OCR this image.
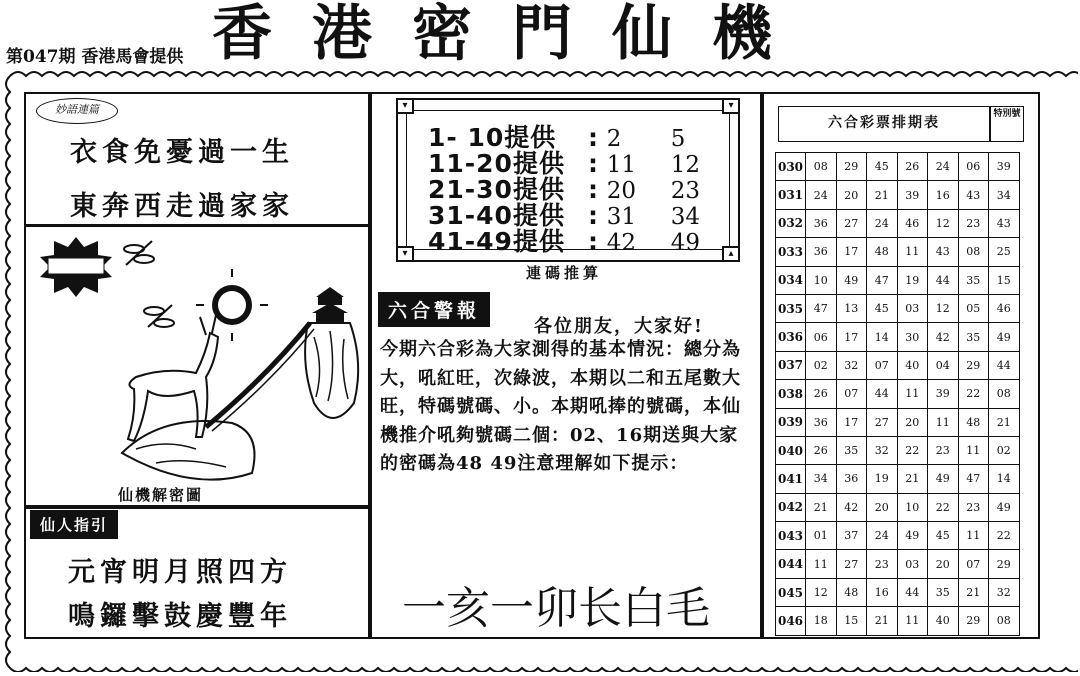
第047期 香港馬會提供 香港密門仙機
妙語連篇
衣食免憂過一生
東奔西走過家家
仙機解密圖
仙人指引
元宵明月照四方
鳴鑼擊鼓慶豐年
▾	▾
▾	▴
1- 10提供 : 2 5
11-20提供 : 11 12
21-30提供 : 20 23
31-40提供 : 31 34
41-49提供 : 42 49
連碼推算
六合警報
各位朋友，大家好!
今期六合彩為大家測得的基本情況：總分為大，吼紅旺，次綠波，本期以二和五尾數大旺，特碼號碼、小。本期吼捧的號碼，本仙機推介吼夠號碼二個：02、16期送與大家的密碼為48 49注意理解如下提示：
一亥一卯长白毛
六合彩票排期表
特別號
030	08	29	45	26	24	06	39
031	24	20	21	39	16	43	34
032	36	27	24	46	12	23	43
033	36	17	48	11	43	08	25
034	10	49	47	19	44	35	15
035	47	13	45	03	12	05	46
036	06	17	14	30	42	35	49
037	02	32	07	40	04	29	44
038	26	07	44	11	39	22	08
039	36	17	27	20	11	48	21
040	26	35	32	22	23	11	02
041	34	36	19	21	49	47	14
042	21	42	20	10	22	23	49
043	01	37	24	49	45	11	22
044	11	27	23	03	20	07	29
045	12	48	16	44	35	21	32
046	18	15	21	11	40	29	08
